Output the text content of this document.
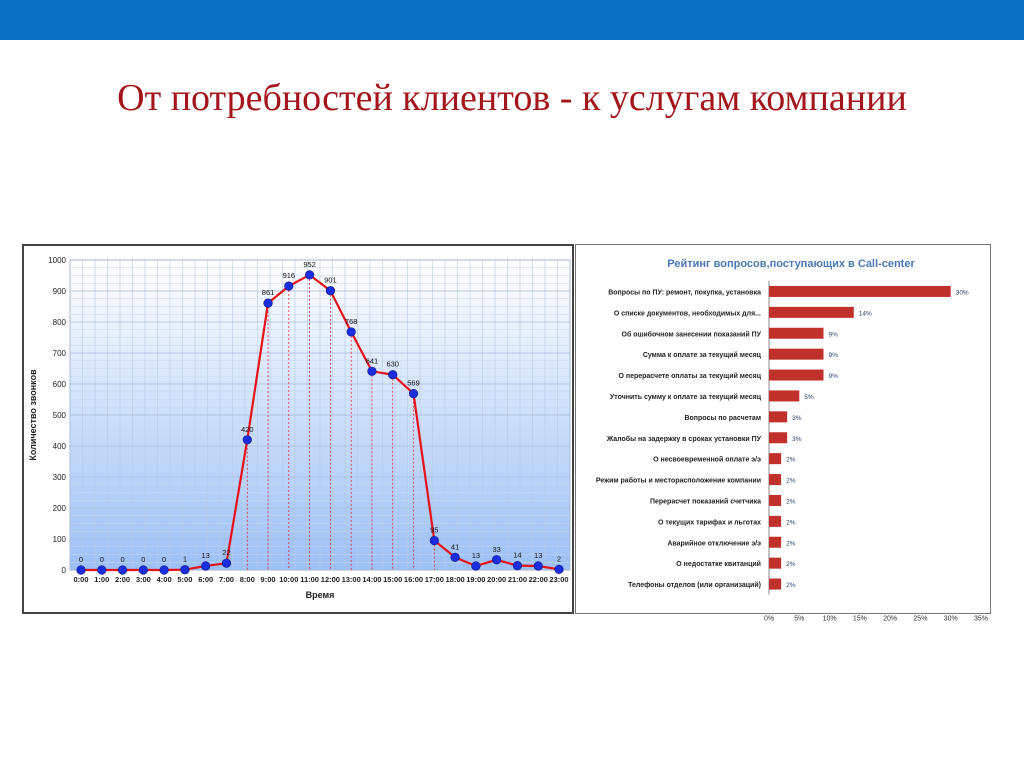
От потребностей клиентов - к услугам компании
0
100
200
300
400
500
600
700
800
900
1000
0:00 1:00 2:00 3:00 4:00 5:00 6:00 7:00 8:00 9:00 10:00 11:00 12:00 13:00 14:00 15:00 16:00 17:00 18:00 19:00 20:00 21:00 22:00 23:00
0 0 0 0 0 1 13 22
420
861
916
952
901
768
641 630
569
95
41
13
33
14 13 2
Количество звонков
Время
Рейтинг вопросов,поступающих в Call-center
Вопросы по ПУ: ремонт, покупка, установка
О списке документов, необходимых для...
Об ошибочном занесении показаний ПУ
Сумма к оплате за текущий месяц
О перерасчете оплаты за текущий месяц
Уточнить сумму к оплате за текущий месяц
Вопросы по расчетам
Жалобы на задержку в сроках установки ПУ
О несвоевременной оплате э/э
Режим работы и месторасположение компании
Перерасчет показаний счетчика
О текущих тарифах и льготах
Аварийное отключение э/э
О недостатке квитанций
Телефоны отделов (или организаций)
30%
14%
9%
9%
9%
5%
3%
3%
2%
2%
2%
2%
2%
2%
2%
0%	5%	10% 15% 20% 25% 30% 35%
